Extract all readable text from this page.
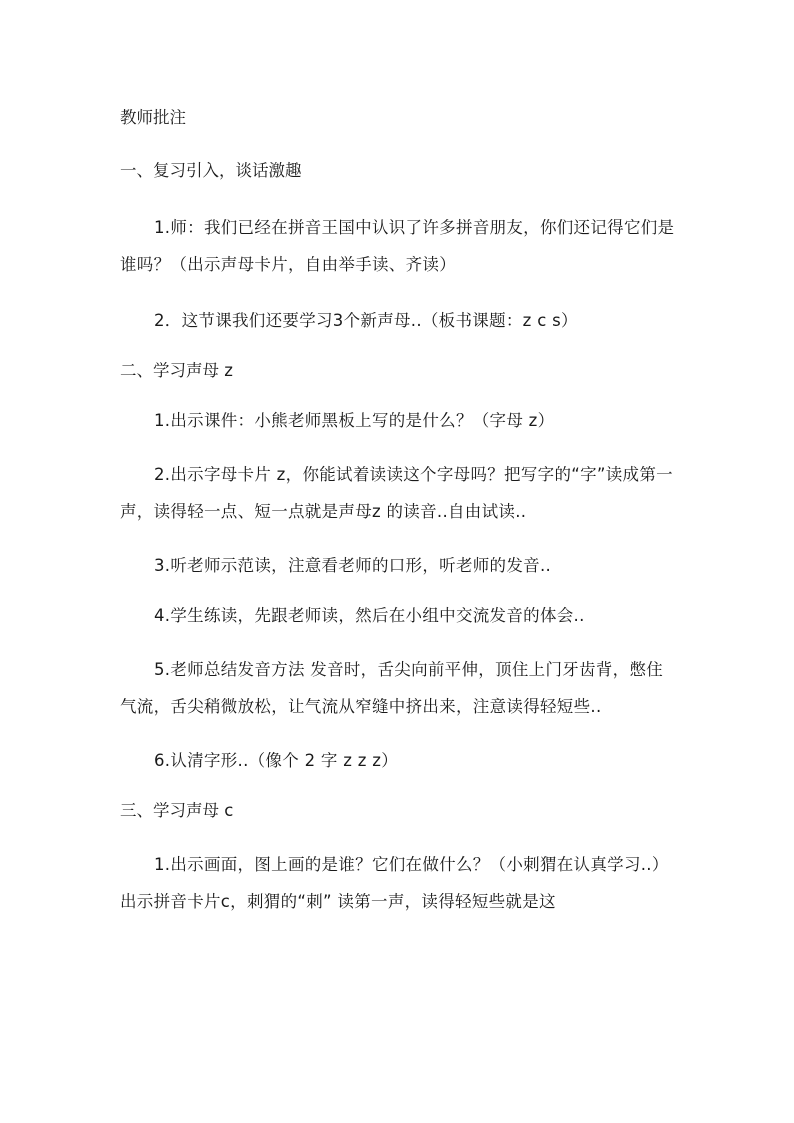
教师批注

一、复习引入，谈话激趣

1.师：我们已经在拼音王国中认识了许多拼音朋友，你们还记得它们是谁吗？（出示声母卡片，自由举手读、齐读）

2．这节课我们还要学习3个新声母..（板书课题：z c s）

二、学习声母 z

1.出示课件：小熊老师黑板上写的是什么？（字母 z）

2.出示字母卡片 z，你能试着读读这个字母吗？把写字的“字”读成第一声，读得轻一点、短一点就是声母z 的读音..自由试读..

3.听老师示范读，注意看老师的口形，听老师的发音..

4.学生练读，先跟老师读，然后在小组中交流发音的体会..

5.老师总结发音方法 发音时，舌尖向前平伸，顶住上门牙齿背，憋住气流，舌尖稍微放松，让气流从窄缝中挤出来，注意读得轻短些..

6.认清字形..（像个 2 字 z z z）

三、学习声母 c

1.出示画面，图上画的是谁？它们在做什么？（小刺猬在认真学习..）出示拼音卡片c，刺猬的“刺” 读第一声，读得轻短些就是这
